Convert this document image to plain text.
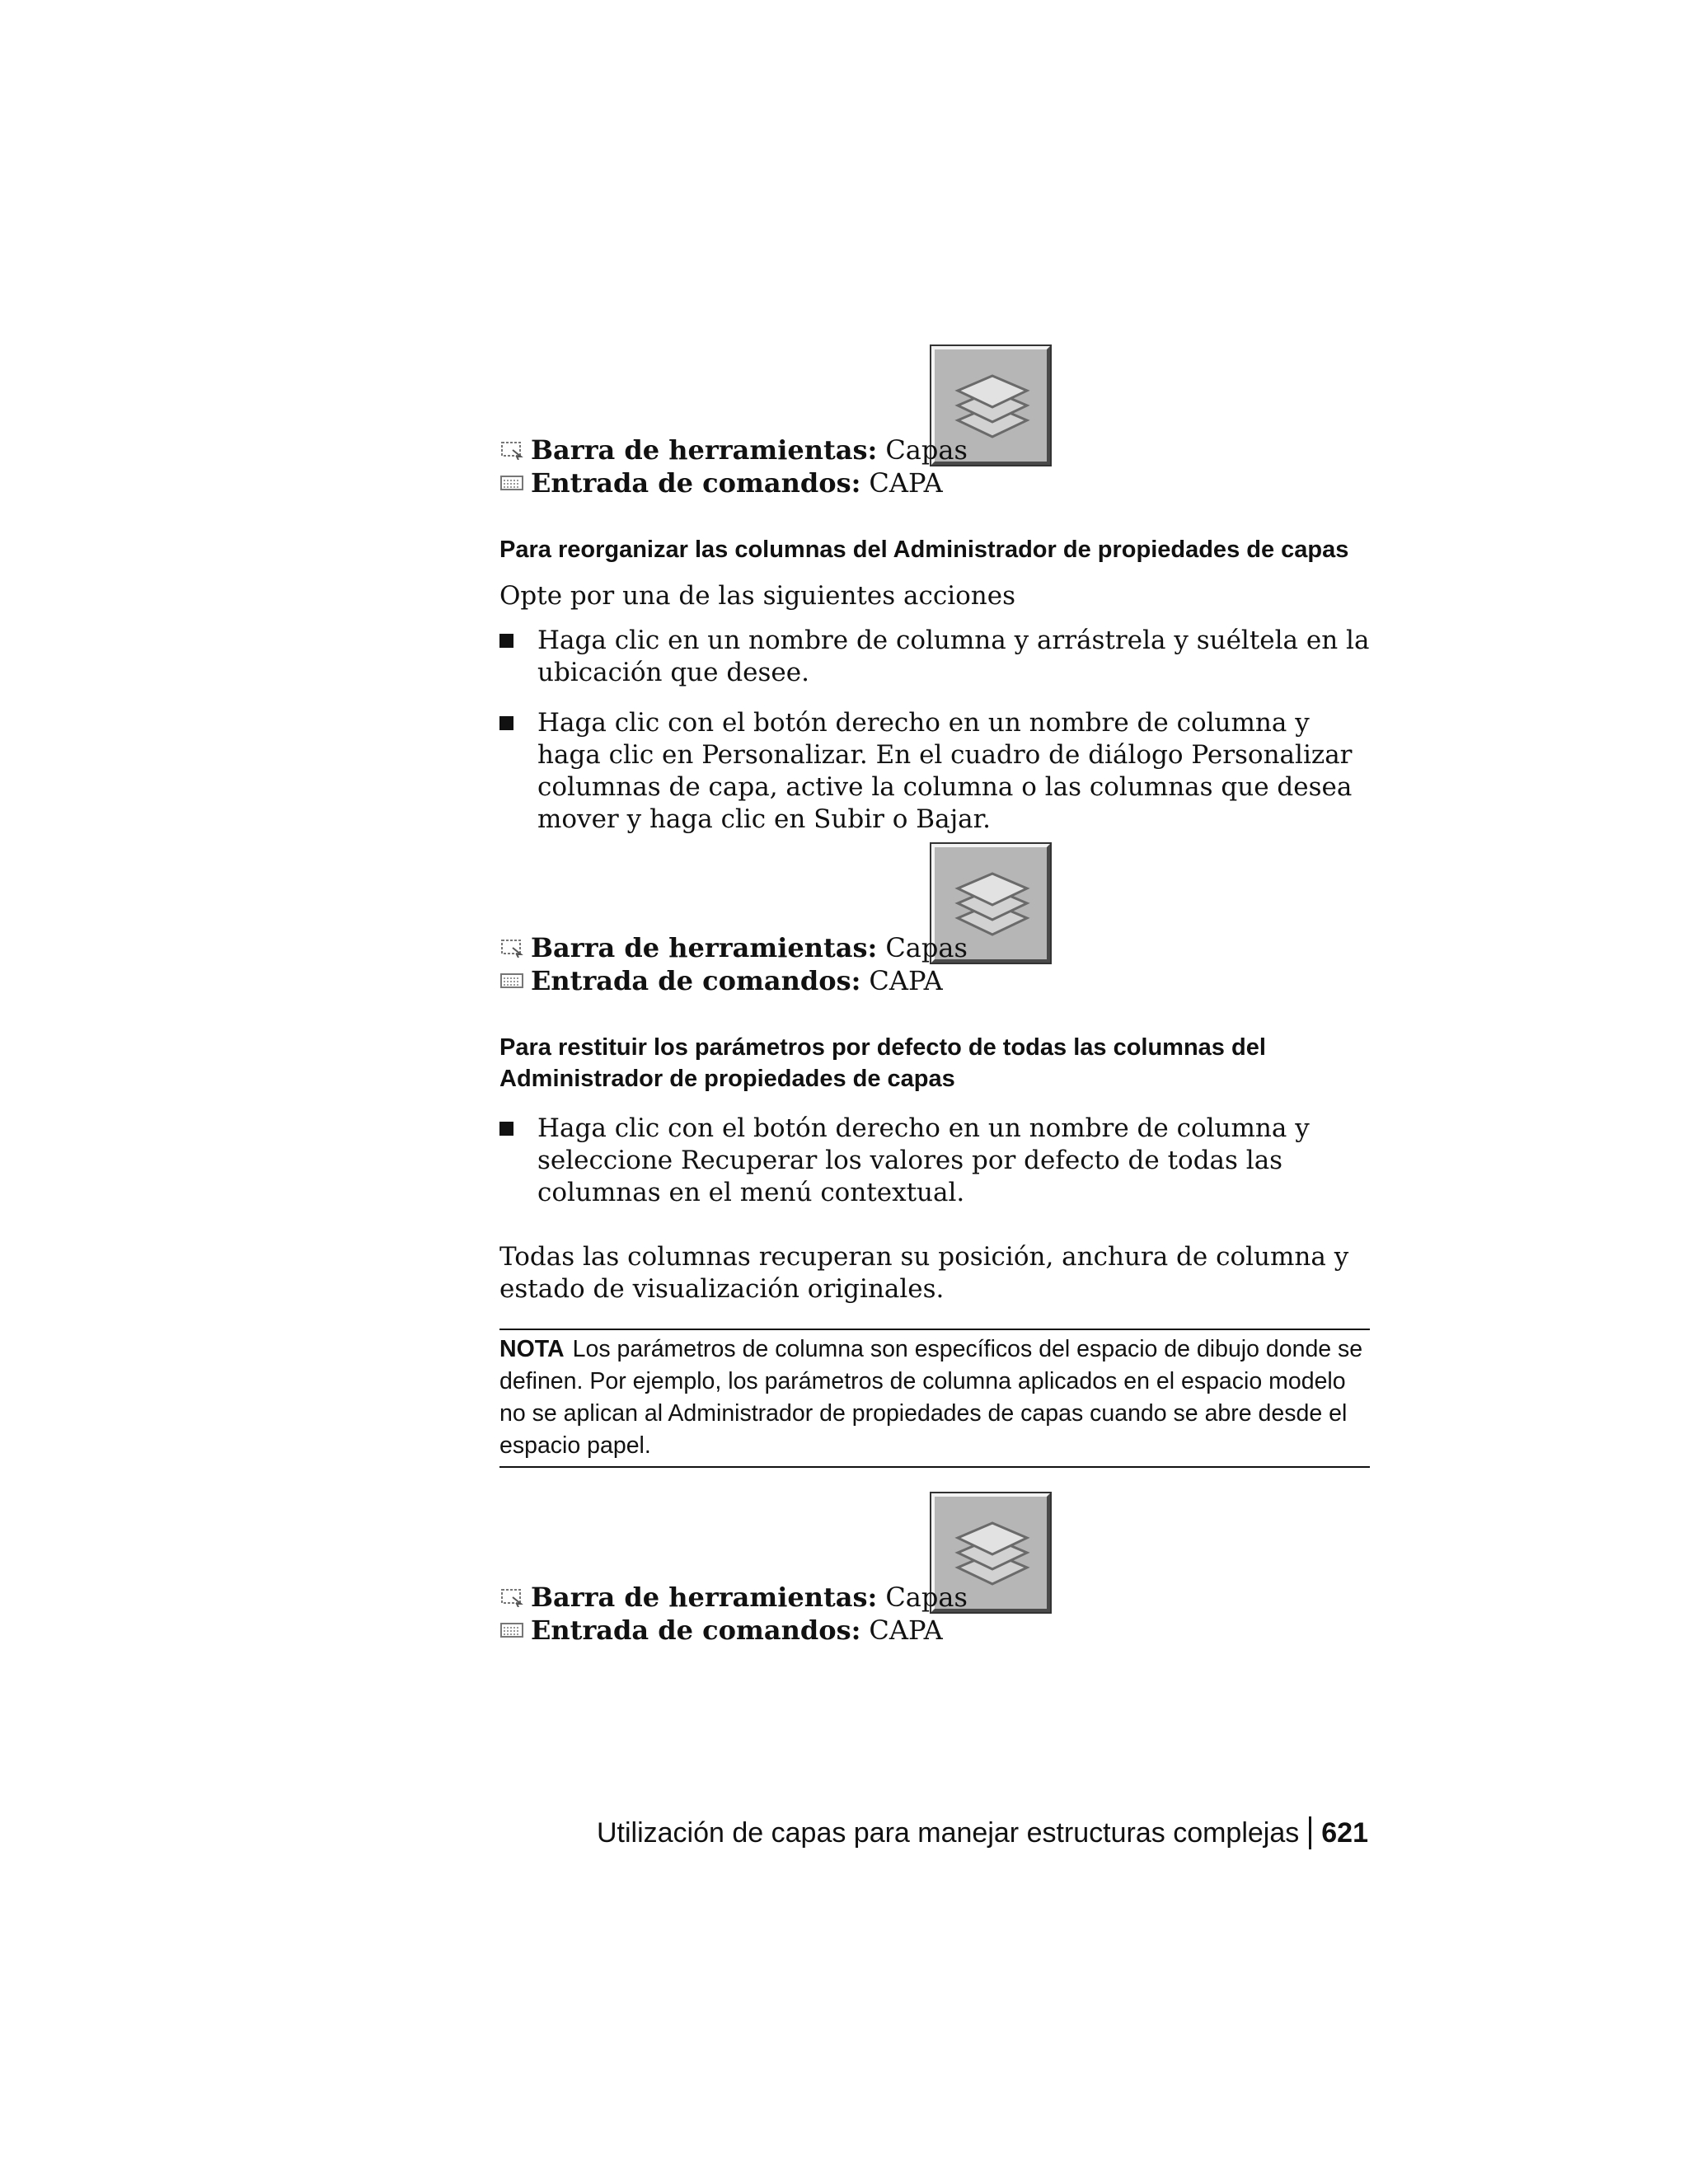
Barra de herramientas: Capas
Entrada de comandos: CAPA
Para reorganizar las columnas del Administrador de propiedades de capas
Opte por una de las siguientes acciones
Haga clic en un nombre de columna y arrástrela y suéltela en la ubicación que desee.
Haga clic con el botón derecho en un nombre de columna y haga clic en Personalizar. En el cuadro de diálogo Personalizar columnas de capa, active la columna o las columnas que desea mover y haga clic en Subir o Bajar.
Barra de herramientas: Capas
Entrada de comandos: CAPA
Para restituir los parámetros por defecto de todas las columnas del Administrador de propiedades de capas
Haga clic con el botón derecho en un nombre de columna y seleccione Recuperar los valores por defecto de todas las columnas en el menú contextual.
Todas las columnas recuperan su posición, anchura de columna y estado de visualización originales.
NOTA Los parámetros de columna son específicos del espacio de dibujo donde se definen. Por ejemplo, los parámetros de columna aplicados en el espacio modelo no se aplican al Administrador de propiedades de capas cuando se abre desde el espacio papel.
Barra de herramientas: Capas
Entrada de comandos: CAPA
Utilización de capas para manejar estructuras complejas 621
